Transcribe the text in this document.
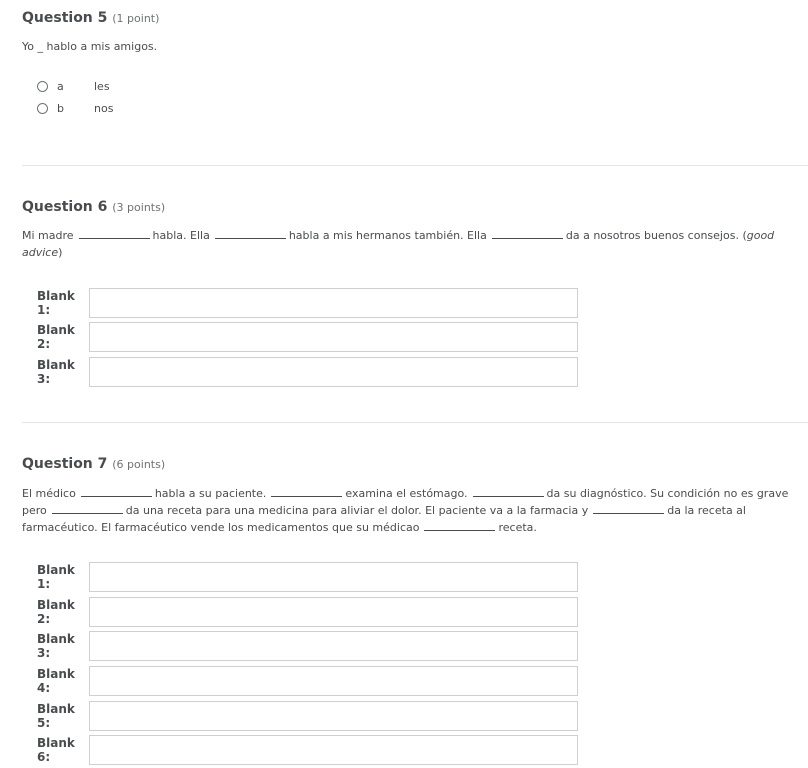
Question 5 (1 point)

Yo _ hablo a mis amigos.

a	les
b	nos

Question 6 (3 points)

Mi madre	habla. Ella	habla a mis hermanos también. Ella	da a nosotros buenos consejos. (good advice)

Blank 1:
Blank 2:
Blank 3:

Question 7 (6 points)

El médico	habla a su paciente.	examina el estómago.	da su diagnóstico. Su condición no es grave pero	da una receta para una medicina para aliviar el dolor. El paciente va a la farmacia y	da la receta al farmacéutico. El farmacéutico vende los medicamentos que su médicao	receta.

Blank 1:
Blank 2:
Blank 3:
Blank 4:
Blank 5:
Blank 6:
